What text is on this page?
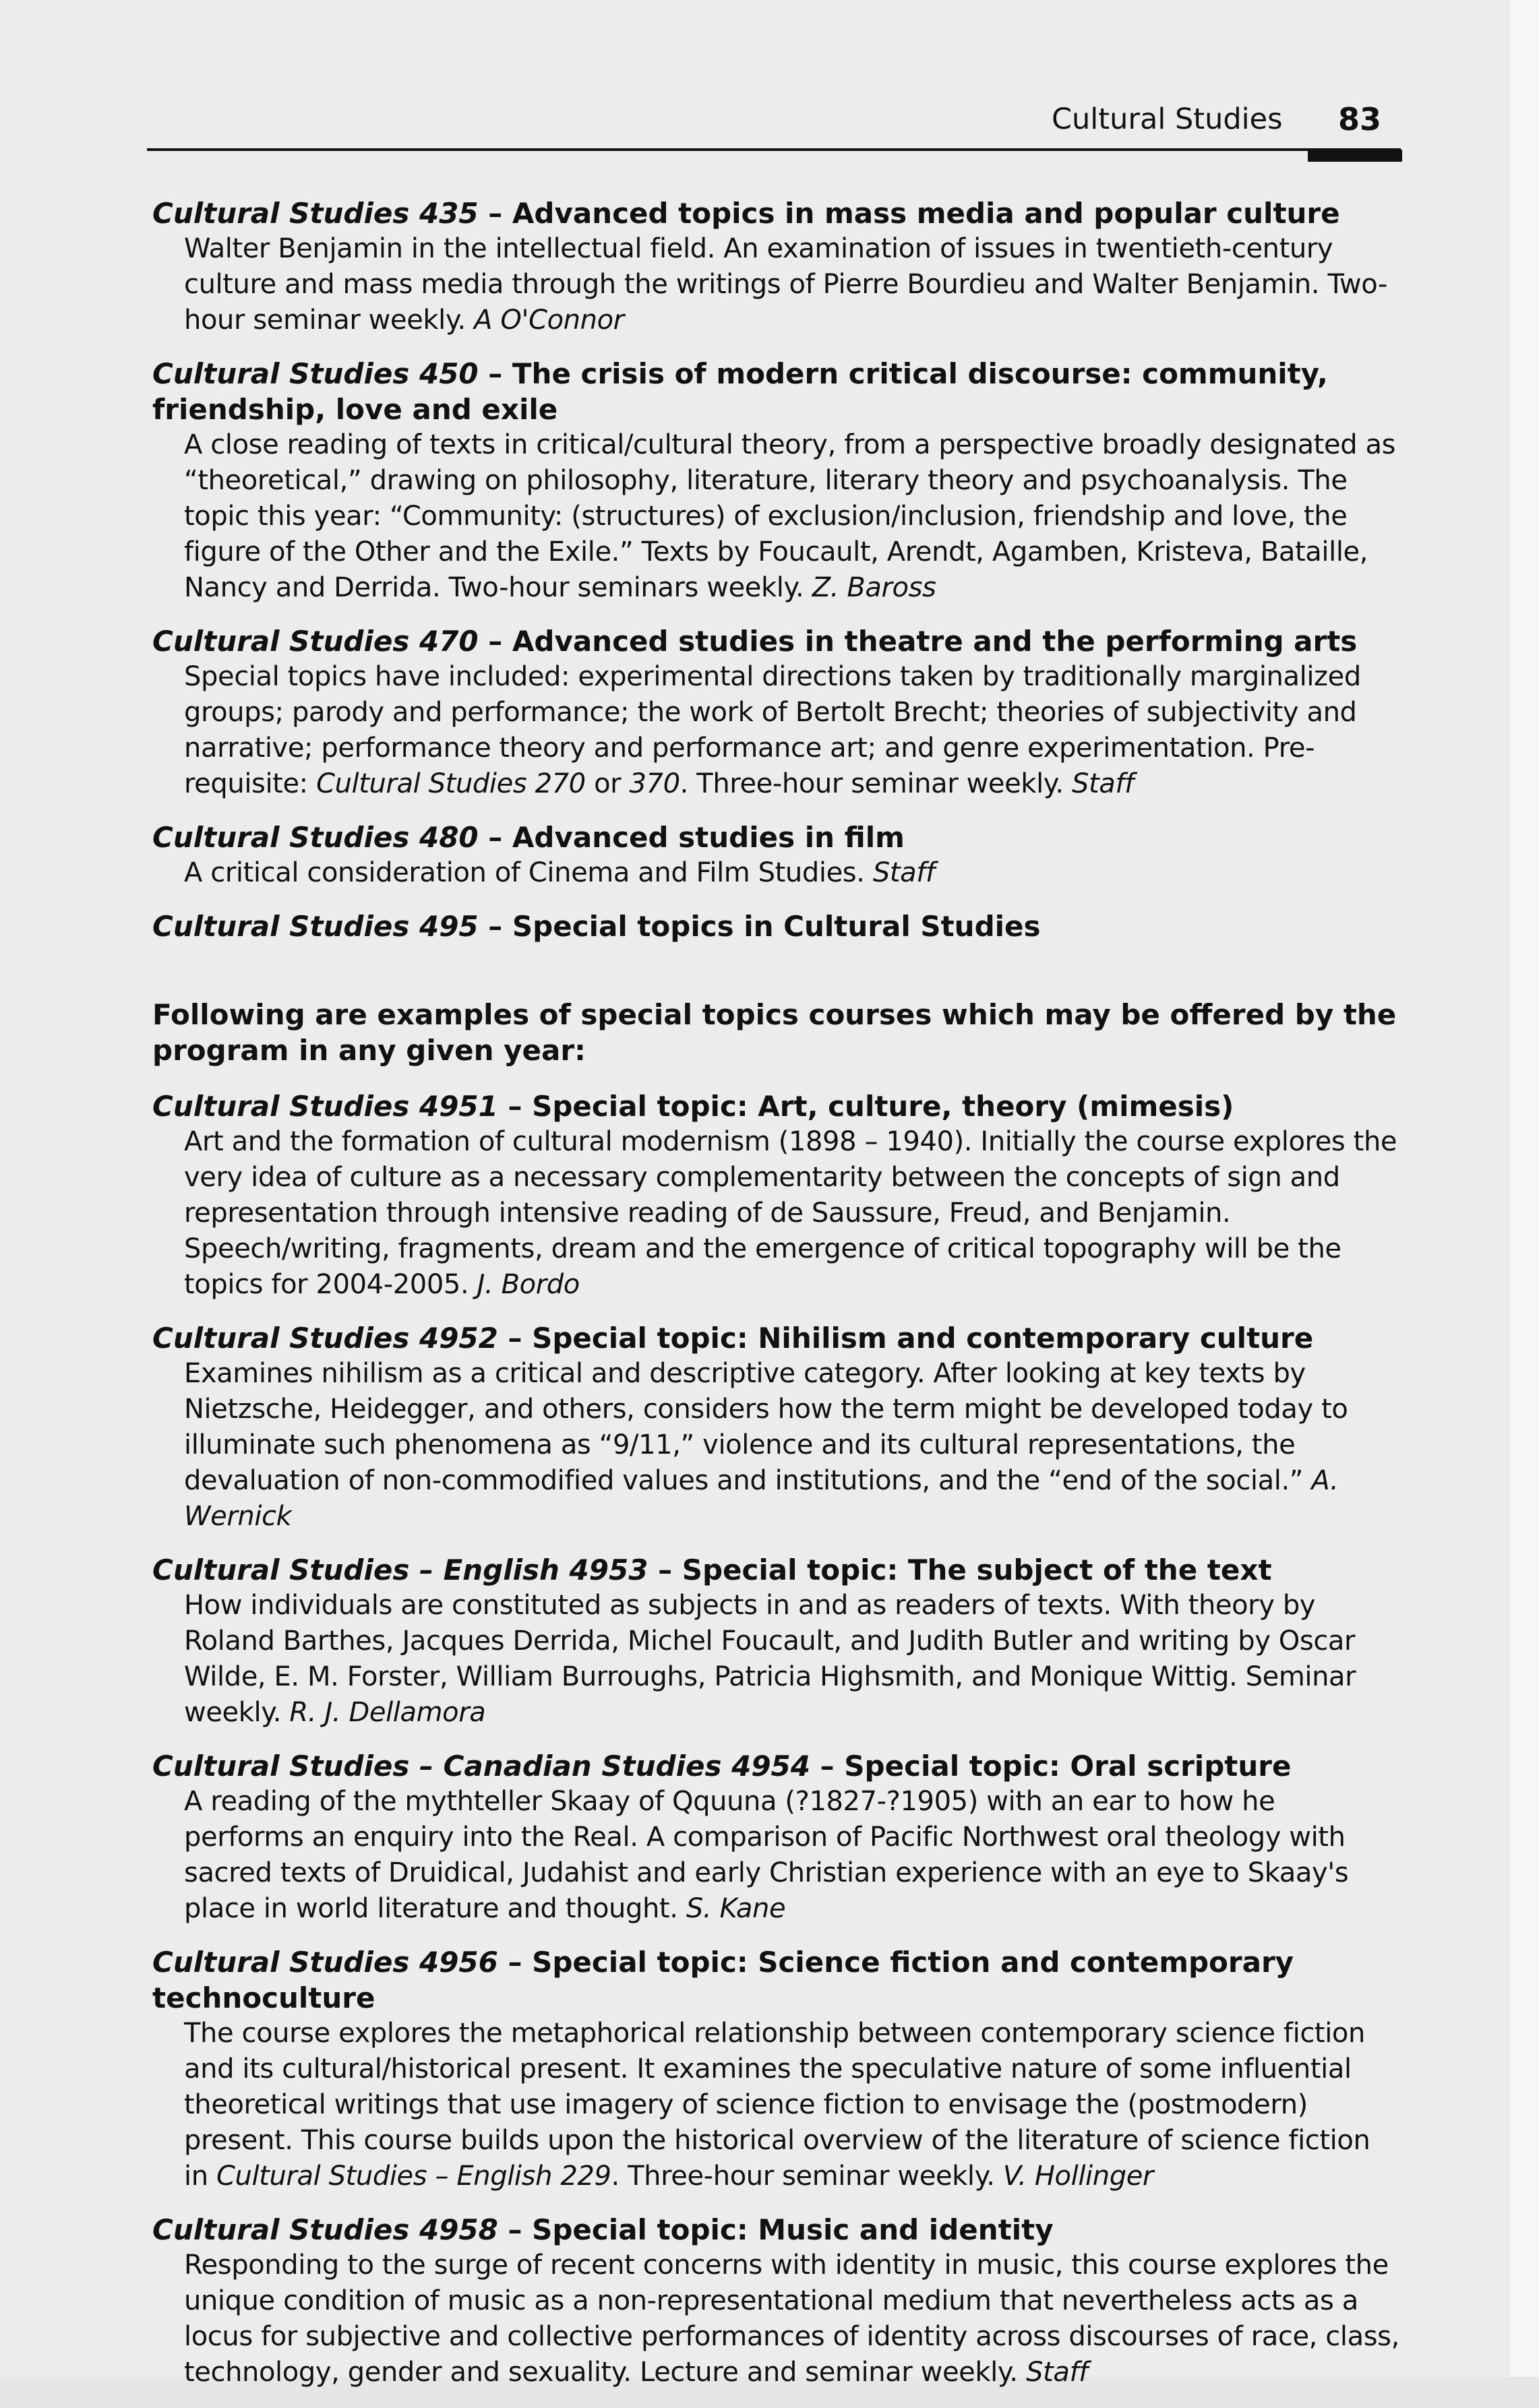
Cultural Studies 83

Cultural Studies 435 – Advanced topics in mass media and popular culture

Walter Benjamin in the intellectual field. An examination of issues in twentieth-century culture and mass media through the writings of Pierre Bourdieu and Walter Benjamin. Two-hour seminar weekly. A O'Connor

Cultural Studies 450 – The crisis of modern critical discourse: community, friendship, love and exile

A close reading of texts in critical/cultural theory, from a perspective broadly designated as “theoretical,” drawing on philosophy, literature, literary theory and psychoanalysis. The topic this year: “Community: (structures) of exclusion/inclusion, friendship and love, the figure of the Other and the Exile.” Texts by Foucault, Arendt, Agamben, Kristeva, Bataille, Nancy and Derrida. Two-hour seminars weekly. Z. Baross

Cultural Studies 470 – Advanced studies in theatre and the performing arts

Special topics have included: experimental directions taken by traditionally marginalized groups; parody and performance; the work of Bertolt Brecht; theories of subjectivity and narrative; performance theory and performance art; and genre experimentation. Pre-requisite: Cultural Studies 270 or 370. Three-hour seminar weekly. Staff

Cultural Studies 480 – Advanced studies in film

A critical consideration of Cinema and Film Studies. Staff

Cultural Studies 495 – Special topics in Cultural Studies

Following are examples of special topics courses which may be offered by the program in any given year:

Cultural Studies 4951 – Special topic: Art, culture, theory (mimesis)

Art and the formation of cultural modernism (1898 – 1940). Initially the course explores the very idea of culture as a necessary complementarity between the concepts of sign and representation through intensive reading of de Saussure, Freud, and Benjamin. Speech/writing, fragments, dream and the emergence of critical topography will be the topics for 2004-2005. J. Bordo

Cultural Studies 4952 – Special topic: Nihilism and contemporary culture

Examines nihilism as a critical and descriptive category. After looking at key texts by Nietzsche, Heidegger, and others, considers how the term might be developed today to illuminate such phenomena as “9/11,” violence and its cultural representations, the devaluation of non-commodified values and institutions, and the “end of the social.” A. Wernick

Cultural Studies – English 4953 – Special topic: The subject of the text

How individuals are constituted as subjects in and as readers of texts. With theory by Roland Barthes, Jacques Derrida, Michel Foucault, and Judith Butler and writing by Oscar Wilde, E. M. Forster, William Burroughs, Patricia Highsmith, and Monique Wittig. Seminar weekly. R. J. Dellamora

Cultural Studies – Canadian Studies 4954 – Special topic: Oral scripture

A reading of the mythteller Skaay of Qquuna (?1827-?1905) with an ear to how he performs an enquiry into the Real. A comparison of Pacific Northwest oral theology with sacred texts of Druidical, Judahist and early Christian experience with an eye to Skaay's place in world literature and thought. S. Kane

Cultural Studies 4956 – Special topic: Science fiction and contemporary technoculture

The course explores the metaphorical relationship between contemporary science fiction and its cultural/historical present. It examines the speculative nature of some influential theoretical writings that use imagery of science fiction to envisage the (postmodern) present. This course builds upon the historical overview of the literature of science fiction in Cultural Studies – English 229. Three-hour seminar weekly. V. Hollinger

Cultural Studies 4958 – Special topic: Music and identity

Responding to the surge of recent concerns with identity in music, this course explores the unique condition of music as a non-representational medium that nevertheless acts as a locus for subjective and collective performances of identity across discourses of race, class, technology, gender and sexuality. Lecture and seminar weekly. Staff
